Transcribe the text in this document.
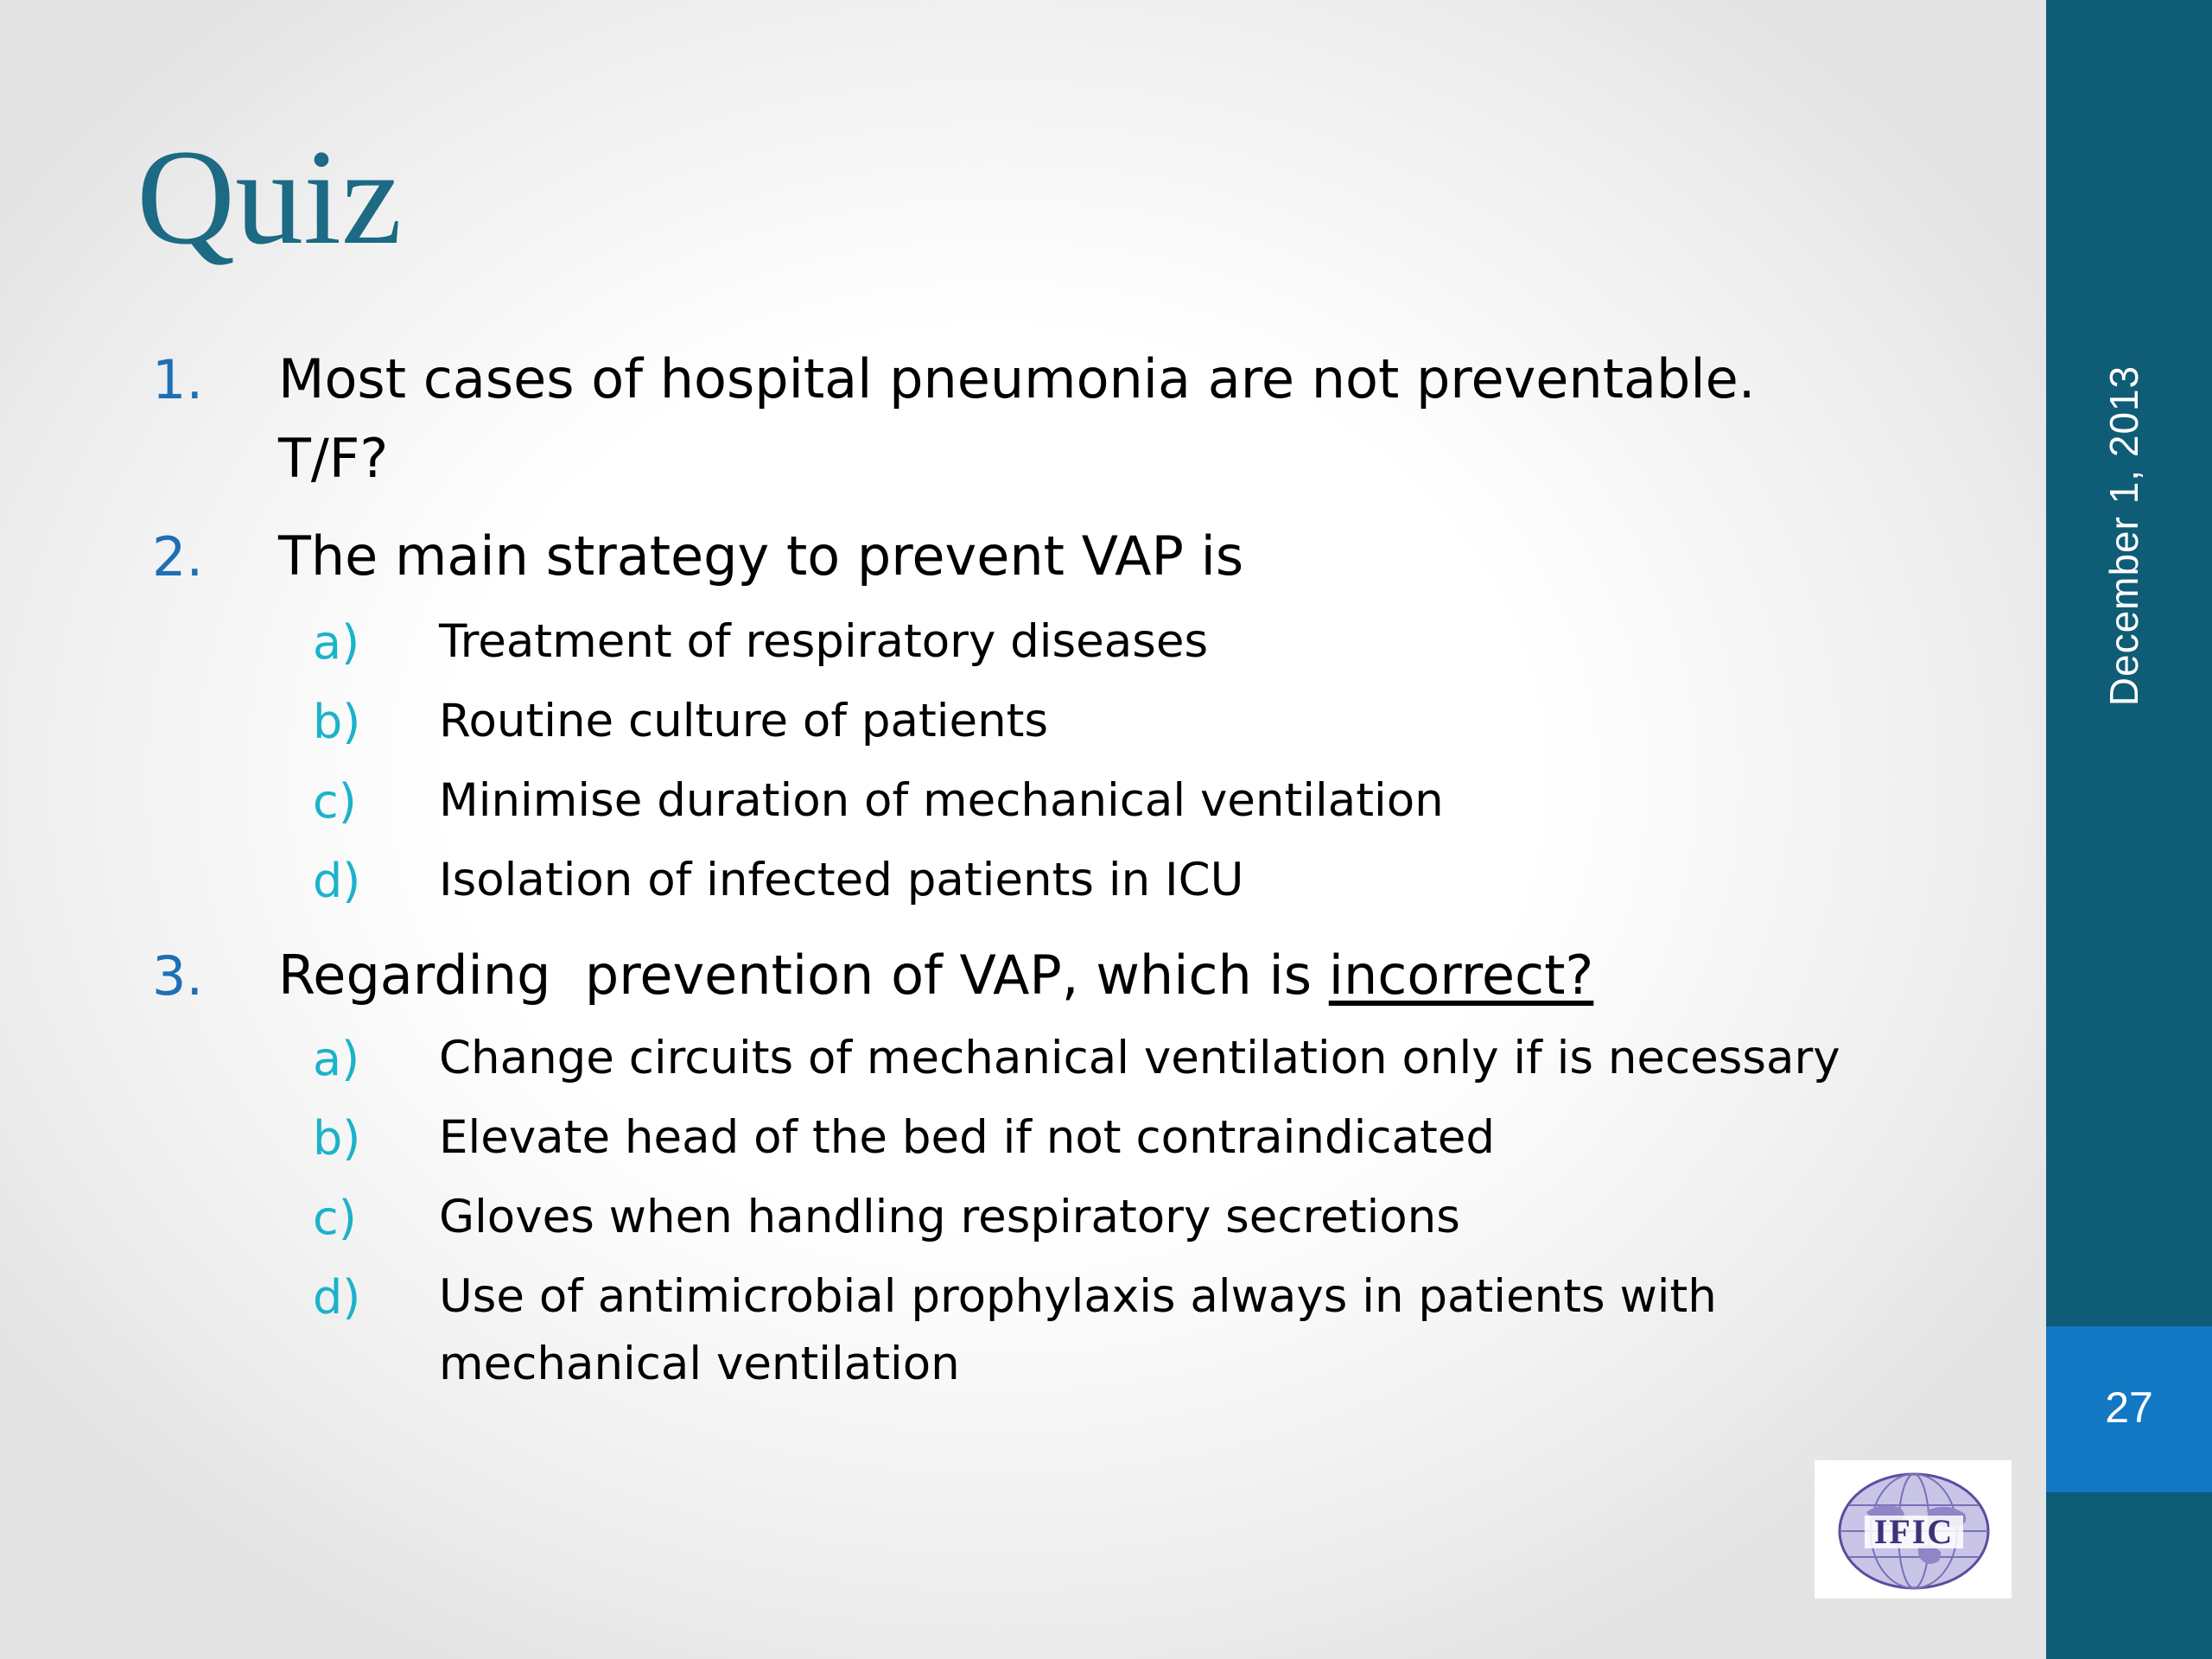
Quiz
1. Most cases of hospital pneumonia are not preventable. T/F?
2. The main strategy to prevent VAP is
a) Treatment of respiratory diseases
b) Routine culture of patients
c) Minimise duration of mechanical ventilation
d) Isolation of infected patients in ICU
3. Regarding  prevention of VAP, which is incorrect?
a) Change circuits of mechanical ventilation only if is necessary
b) Elevate head of the bed if not contraindicated
c) Gloves when handling respiratory secretions
d) Use of antimicrobial prophylaxis always in patients with mechanical ventilation
December 1, 2013
27
IFIC
